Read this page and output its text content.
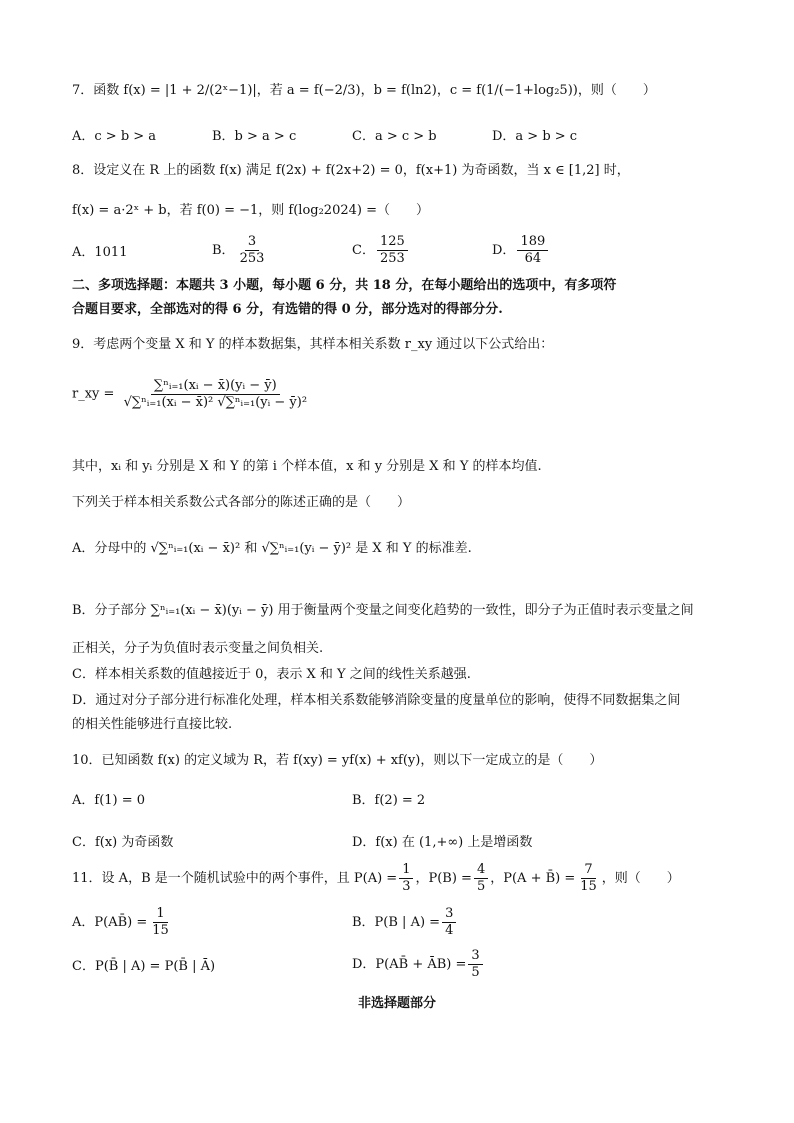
7．函数 f(x) = |1 + 2/(2ˣ−1)|，若 a = f(−2/3)，b = f(ln2)，c = f(1/(−1+log₂5))，则（　　）
A．c > b > a	B．b > a > c	C．a > c > b	D．a > b > c
8．设定义在 R 上的函数 f(x) 满足 f(2x) + f(2x+2) = 0，f(x+1) 为奇函数，当 x ∈ [1,2] 时，
f(x) = a·2ˣ + b，若 f(0) = −1，则 f(log₂2024) =（　　）
A．1011	B． $\frac{3}{253}$	C． $\frac{125}{253}$	D． $\frac{189}{64}$
二、多项选择题：本题共 3 小题，每小题 6 分，共 18 分，在每小题给出的选项中，有多项符
合题目要求，全部选对的得 6 分，有选错的得 0 分，部分选对的得部分分.
9．考虑两个变量 X 和 Y 的样本数据集，其样本相关系数 r_xy 通过以下公式给出：
r_xy = $\frac{\text{∑ⁿᵢ₌₁(xᵢ − x̄)(yᵢ − ȳ)}}{\text{√∑ⁿᵢ₌₁(xᵢ − x̄)² √∑ⁿᵢ₌₁(yᵢ − ȳ)²}}$
其中，xᵢ 和 yᵢ 分别是 X 和 Y 的第 i 个样本值，x 和 y 分别是 X 和 Y 的样本均值.
下列关于样本相关系数公式各部分的陈述正确的是（　　）
A．分母中的 √∑ⁿᵢ₌₁(xᵢ − x̄)² 和 √∑ⁿᵢ₌₁(yᵢ − ȳ)² 是 X 和 Y 的标准差.
B．分子部分 ∑ⁿᵢ₌₁(xᵢ − x̄)(yᵢ − ȳ) 用于衡量两个变量之间变化趋势的一致性，即分子为正值时表示变量之间
正相关，分子为负值时表示变量之间负相关.
C．样本相关系数的值越接近于 0，表示 X 和 Y 之间的线性关系越强.
D．通过对分子部分进行标准化处理，样本相关系数能够消除变量的度量单位的影响，使得不同数据集之间
的相关性能够进行直接比较.
10．已知函数 f(x) 的定义域为 R，若 f(xy) = yf(x) + xf(y)，则以下一定成立的是（　　）
A．f(1) = 0	B．f(2) = 2
C．f(x) 为奇函数	D．f(x) 在 (1,+∞) 上是增函数
11．设 A，B 是一个随机试验中的两个事件，且 $P(A) = \frac{1}{3}$ ，$P(B) = \frac{4}{5}$ ，P(A + B̄) = $\frac{7}{15}$ ，则（　　）
A．P(AB̄) = $\frac{1}{15}$	B．P(B | $A) = \frac{3}{4}$
C．P(B̄ | A) = P(B̄ | Ā)	D．P(AB̄ + ĀB) = $\frac{3}{5}$
非选择题部分
